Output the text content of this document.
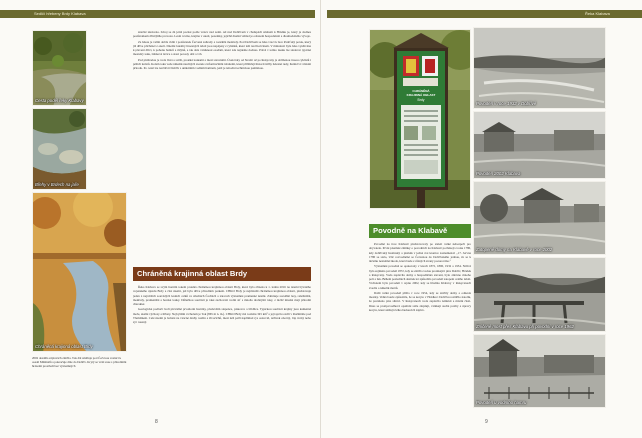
Sedlčí hřebeny Brdy Klabava
Cesta podél řeky Klabavy
Břehy v Brdech na jaře
Chráněná krajinná oblast Brdy
2002 dosáhla záplavách zničila. Tok dál směřuje pod Čečovou vesnicí k osadě Mišmaňů a pokračuje dále do Dobřív. Krytý se vrátí zase s přírodními hrázemi prostředí bez významných

značně zkrácena. Zdroj se dá ještě poznat podle vrstev nad zemí. Až nad Dobřívem v chalupách směrem k Hrádku je, který je dodnes pozůstatkem dřívějšího provozu. Lesní rovina, krajina v okolí, pozemky, jejichž dnešní vzhled je odrazem hospodaření a dlouhodobého vývoje.

Za řekou je velmi dobře vidět i pozůstatek Červené zahrady a rozsáhlé mokřady. Pod Dobřívem se řeka vrací k řece Padrťský potok, který již dříve přicházel z okolí. Dnešní lokality hrazených údolí jsou napájeny z rybníků, které leží nad Kolvínem. V minulosti byla řeka využívána k plavení dříví, k pohonu hamrů a mlýnů, a tak dala vzniknout osadám, které zde najdeme dodnes. Právě v tomto úseku lze sledovat typické meandry toku, štěrkové lavice a staré porosty olší a vrb.

Pod přehradou je voda čistá a svěží, protéká loukami a mezi staveními. Úsek řeky od Strašic až po Rokycany je oblíbenou trasou cyklistů i pěších turistů. Kolem toku vede několik naučných stezek s informačními tabulemi, které přibližují historii těžby železné rudy, hutnictví i místní přírodu. Po cestě lze navštívit Dobřív s unikátním vodním hamrem, jenž je národní technickou památkou.

Chráněná krajinná oblast Brdy

Řeka Klabava se svým horním tokem protéká chráněnou krajinnou oblastí Brdy, která byla zřízena k 1. lednu 2016 na území bývalého vojenského újezdu Brdy a část území, jež byla dříve přírodním parkem. CHKO Brdy je nejmladší chráněnou krajinnou oblastí, představuje jeden z největších souvislých lesních celků ve středních Čechách a zároveň významné pramenné území. Zahrnuje rozsáhlé lesy, rašeliniště, mokřady, prameniště a horské louky. Důležitou součástí je také zachovalá vodní síť s mnoha drobnými toky, z nichž mnohé mají přírodní charakter.

Geologické podloží tvoří převážně prvohorní horniny, především slepence, pískovce a břidlice. Typickou součástí krajiny jsou kamenná moře, skalní výchozy a hřbety. Nejvyšším vrcholem je Tok (865 m n. m.). CHKO Brdy má rozlohu 345 km² a její správa sídlí v Rožmitále pod Třemšínem. Celé území je bohaté na vzácné druhy rostlin a živočichů, mezi něž patří například rys ostrovid, tetřívek obecný, čáp černý nebo sýc rousný.

8
Řeka Klabava
CHRÁNĚNÁ
KRAJINNÁ OBLAST
Brdy
Povodně na Klabavě

Povodně na řece Klabavě představovaly po staletí velké nebezpečí pro obyvatele. První písemné zmínky o povodních na Klabavě pocházejí z roku 1780, kdy dobřívský hostinský a písmák v jedné své kronice zaznamenal: „17. června 1780 se stalo, Ulic rozvodněné se Červenou do Dobřívského jednou, že se k ničemu neznámá škoda, která bude z různých strany pozorována.“

Významné povodně se opakovaly v letech 1872, 1890, 1932 a 1954. Ničivá byla zejména povodeň 1872, kdy se zničila vodou protékající přes Dobřív, Hrádek a Rokycany. Voda zaplavila domy a hospodářská stavení, bylo zničeno mnoho polí a luk. Během posledních desítek let způsobila povodeň zatopení celého údolí. Vrcholem byla povodeň v srpnu 2002, kdy se hladina Klabavy v Rokycanech zvedla o několik metrů.

Další velká povodeň přišla v roce 1954, kdy se zničily domy a odnesla mostky. Velká bouře způsobila, že se koryto v Hrádku i Dobřívu rozšířilo natolik, že protékalo přes silnici. V Rokycanech voda zaplavila náměstí a místní části. Dnes se protipovodňová opatření stále zlepšují, vznikají suché poldry a úpravy koryta, které snižují rizika budoucích záplav.

Povodeň v roce 1932 v Dobřívě
Povodeň 2002 Klabava
Zatopené domy na Klabavě v roce 2002
Zničené most přes Klabavu při povodni v roce 1962
Povodeň u vodního hamru
9
